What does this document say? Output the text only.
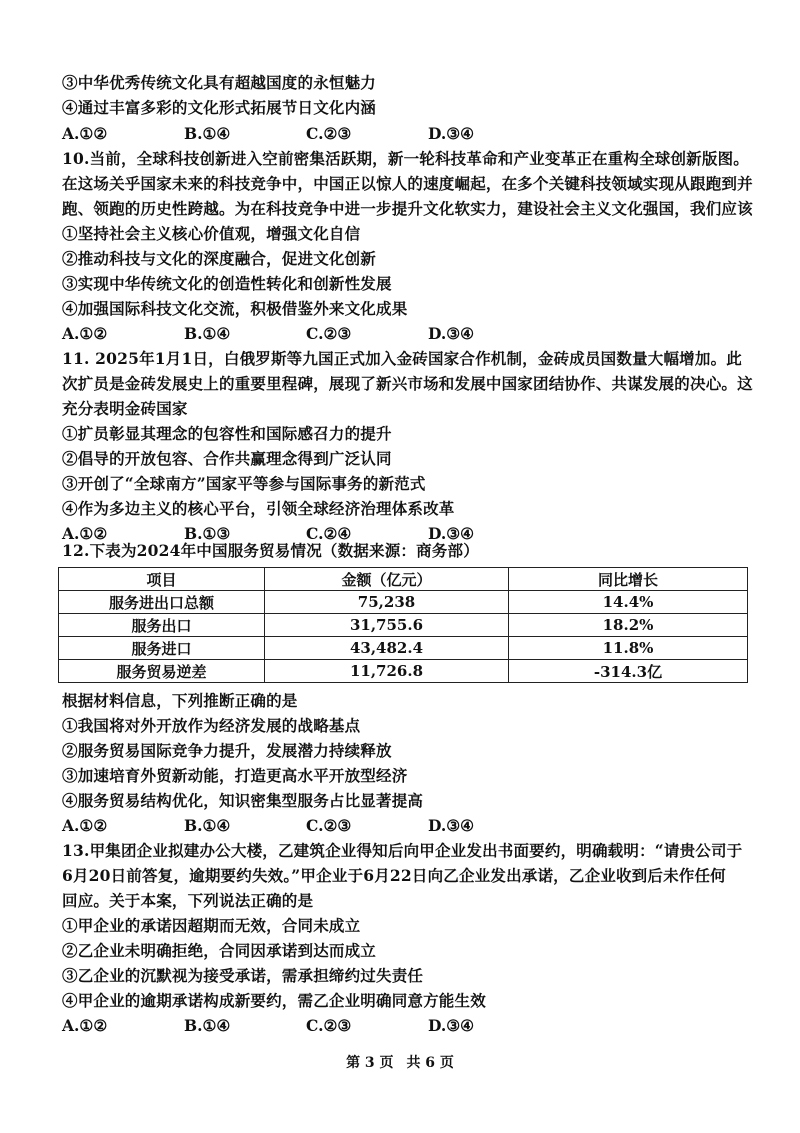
③中华优秀传统文化具有超越国度的永恒魅力
④通过丰富多彩的文化形式拓展节日文化内涵
A.①②	B.①④	C.②③	D.③④
10.当前，全球科技创新进入空前密集活跃期，新一轮科技革命和产业变革正在重构全球创新版图。
在这场关乎国家未来的科技竞争中，中国正以惊人的速度崛起，在多个关键科技领域实现从跟跑到并
跑、领跑的历史性跨越。为在科技竞争中进一步提升文化软实力，建设社会主义文化强国，我们应该
①坚持社会主义核心价值观，增强文化自信
②推动科技与文化的深度融合，促进文化创新
③实现中华传统文化的创造性转化和创新性发展
④加强国际科技文化交流，积极借鉴外来文化成果
A.①②	B.①④	C.②③	D.③④
11. 2025年1月1日，白俄罗斯等九国正式加入金砖国家合作机制，金砖成员国数量大幅增加。此
次扩员是金砖发展史上的重要里程碑，展现了新兴市场和发展中国家团结协作、共谋发展的决心。这
充分表明金砖国家
①扩员彰显其理念的包容性和国际感召力的提升
②倡导的开放包容、合作共赢理念得到广泛认同
③开创了“全球南方”国家平等参与国际事务的新范式
④作为多边主义的核心平台，引领全球经济治理体系改革
A.①②	B.①③	C.②④	D.③④
12.下表为2024年中国服务贸易情况（数据来源：商务部）
项目	金额（亿元）	同比增长
服务进出口总额	75,238	14.4%
服务出口	31,755.6	18.2%
服务进口	43,482.4	11.8%
服务贸易逆差	11,726.8	-314.3亿
根据材料信息，下列推断正确的是
①我国将对外开放作为经济发展的战略基点
②服务贸易国际竞争力提升，发展潜力持续释放
③加速培育外贸新动能，打造更高水平开放型经济
④服务贸易结构优化，知识密集型服务占比显著提高
A.①②	B.①④	C.②③	D.③④
13.甲集团企业拟建办公大楼，乙建筑企业得知后向甲企业发出书面要约，明确载明：“请贵公司于
6月20日前答复，逾期要约失效。”甲企业于6月22日向乙企业发出承诺，乙企业收到后未作任何
回应。关于本案，下列说法正确的是
①甲企业的承诺因超期而无效，合同未成立
②乙企业未明确拒绝，合同因承诺到达而成立
③乙企业的沉默视为接受承诺，需承担缔约过失责任
④甲企业的逾期承诺构成新要约，需乙企业明确同意方能生效
A.①②	B.①④	C.②③	D.③④
第 3 页 共 6 页
